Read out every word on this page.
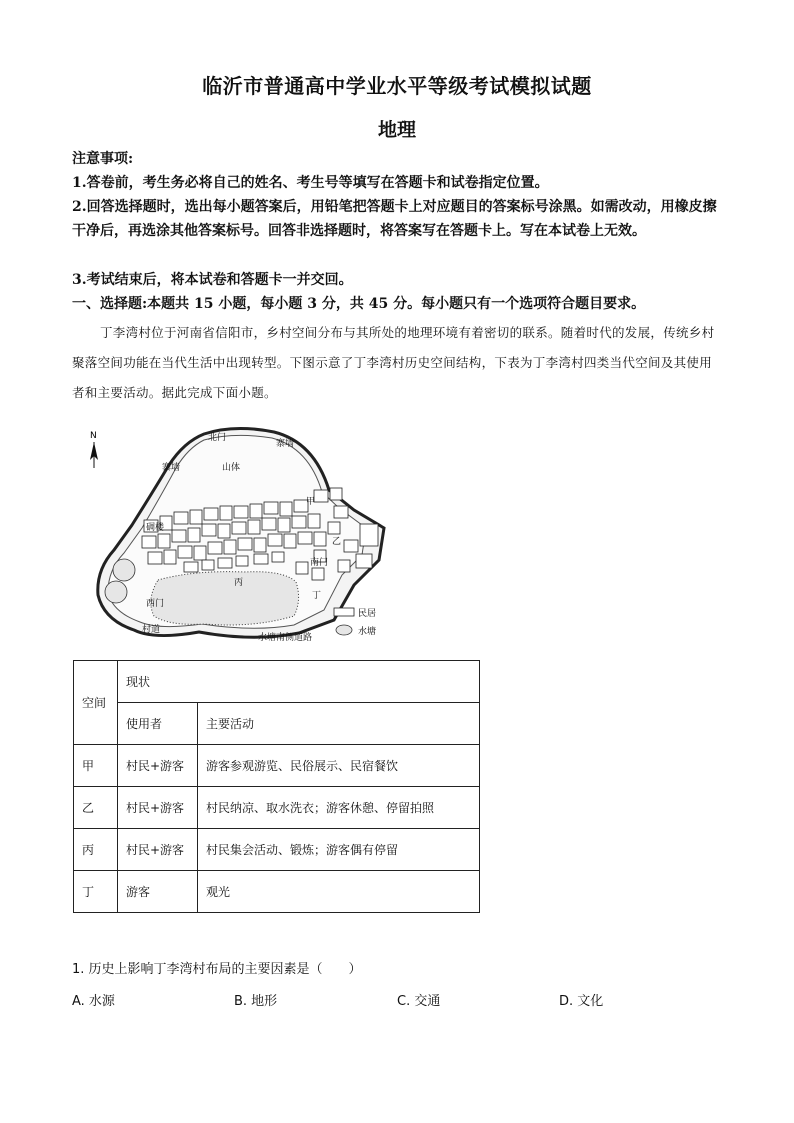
临沂市普通高中学业水平等级考试模拟试题
地理
注意事项:
1.答卷前，考生务必将自己的姓名、考生号等填写在答题卡和试卷指定位置。
2.回答选择题时，选出每小题答案后，用铅笔把答题卡上对应题目的答案标号涂黑。如需改动，用橡皮擦干净后，再选涂其他答案标号。回答非选择题时，将答案写在答题卡上。写在本试卷上无效。
3.考试结束后，将本试卷和答题卡一并交回。
一、选择题:本题共 15 小题，每小题 3 分，共 45 分。每小题只有一个选项符合题目要求。
丁李湾村位于河南省信阳市，乡村空间分布与其所处的地理环境有着密切的联系。随着时代的发展，传统乡村聚落空间功能在当代生活中出现转型。下图示意了丁李湾村历史空间结构，下表为丁李湾村四类当代空间及其使用者和主要活动。据此完成下面小题。
N	北门
寨墙
寨墙	山体
碉楼
甲
乙
南门
丙
丁
西门
村道
水塘南侧道路
民居
水塘
空间	现状	
	使用者	主要活动
甲	村民+游客	游客参观游览、民俗展示、民宿餐饮
乙	村民+游客	村民纳凉、取水洗衣；游客休憩、停留拍照
丙	村民+游客	村民集会活动、锻炼；游客偶有停留
丁	游客	观光
1. 历史上影响丁李湾村布局的主要因素是（　　）
A. 水源	B. 地形	C. 交通	D. 文化
